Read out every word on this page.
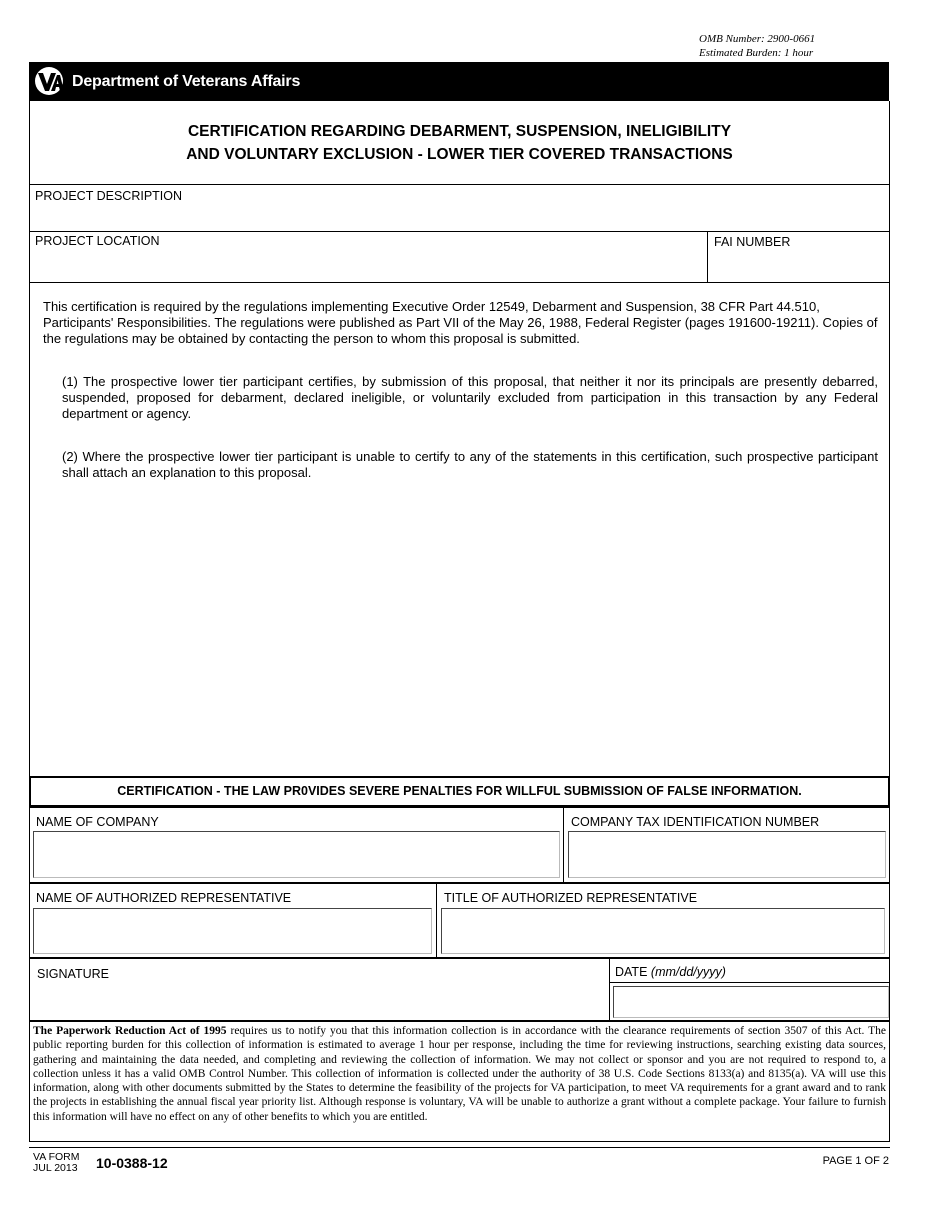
OMB Number: 2900-0661
Estimated Burden: 1 hour
Department of Veterans Affairs
CERTIFICATION REGARDING DEBARMENT, SUSPENSION, INELIGIBILITY
AND VOLUNTARY EXCLUSION - LOWER TIER COVERED TRANSACTIONS
PROJECT DESCRIPTION
PROJECT LOCATION	FAI NUMBER
This certification is required by the regulations implementing Executive Order 12549, Debarment and Suspension, 38 CFR Part 44.510, Participants' Responsibilities. The regulations were published as Part VII of the May 26, 1988, Federal Register (pages 191600-19211). Copies of the regulations may be obtained by contacting the person to whom this proposal is submitted.
(1) The prospective lower tier participant certifies, by submission of this proposal, that neither it nor its principals are presently debarred, suspended, proposed for debarment, declared ineligible, or voluntarily excluded from participation in this transaction by any Federal department or agency.
(2) Where the prospective lower tier participant is unable to certify to any of the statements in this certification, such prospective participant shall attach an explanation to this proposal.
CERTIFICATION - THE LAW PR0VIDES SEVERE PENALTIES FOR WILLFUL SUBMISSION OF FALSE INFORMATION.
NAME OF COMPANY	COMPANY TAX IDENTIFICATION NUMBER
NAME OF AUTHORIZED REPRESENTATIVE	TITLE OF AUTHORIZED REPRESENTATIVE
SIGNATURE	DATE (mm/dd/yyyy)
The Paperwork Reduction Act of 1995 requires us to notify you that this information collection is in accordance with the clearance requirements of section 3507 of this Act. The public reporting burden for this collection of information is estimated to average 1 hour per response, including the time for reviewing instructions, searching existing data sources, gathering and maintaining the data needed, and completing and reviewing the collection of information. We may not collect or sponsor and you are not required to respond to, a collection unless it has a valid OMB Control Number. This collection of information is collected under the authority of 38 U.S. Code Sections 8133(a) and 8135(a). VA will use this information, along with other documents submitted by the States to determine the feasibility of the projects for VA participation, to meet VA requirements for a grant award and to rank the projects in establishing the annual fiscal year priority list. Although response is voluntary, VA will be unable to authorize a grant without a complete package. Your failure to furnish this information will have no effect on any of other benefits to which you are entitled.
VA FORM
JUL 2013 10-0388-12	PAGE 1 OF 2
